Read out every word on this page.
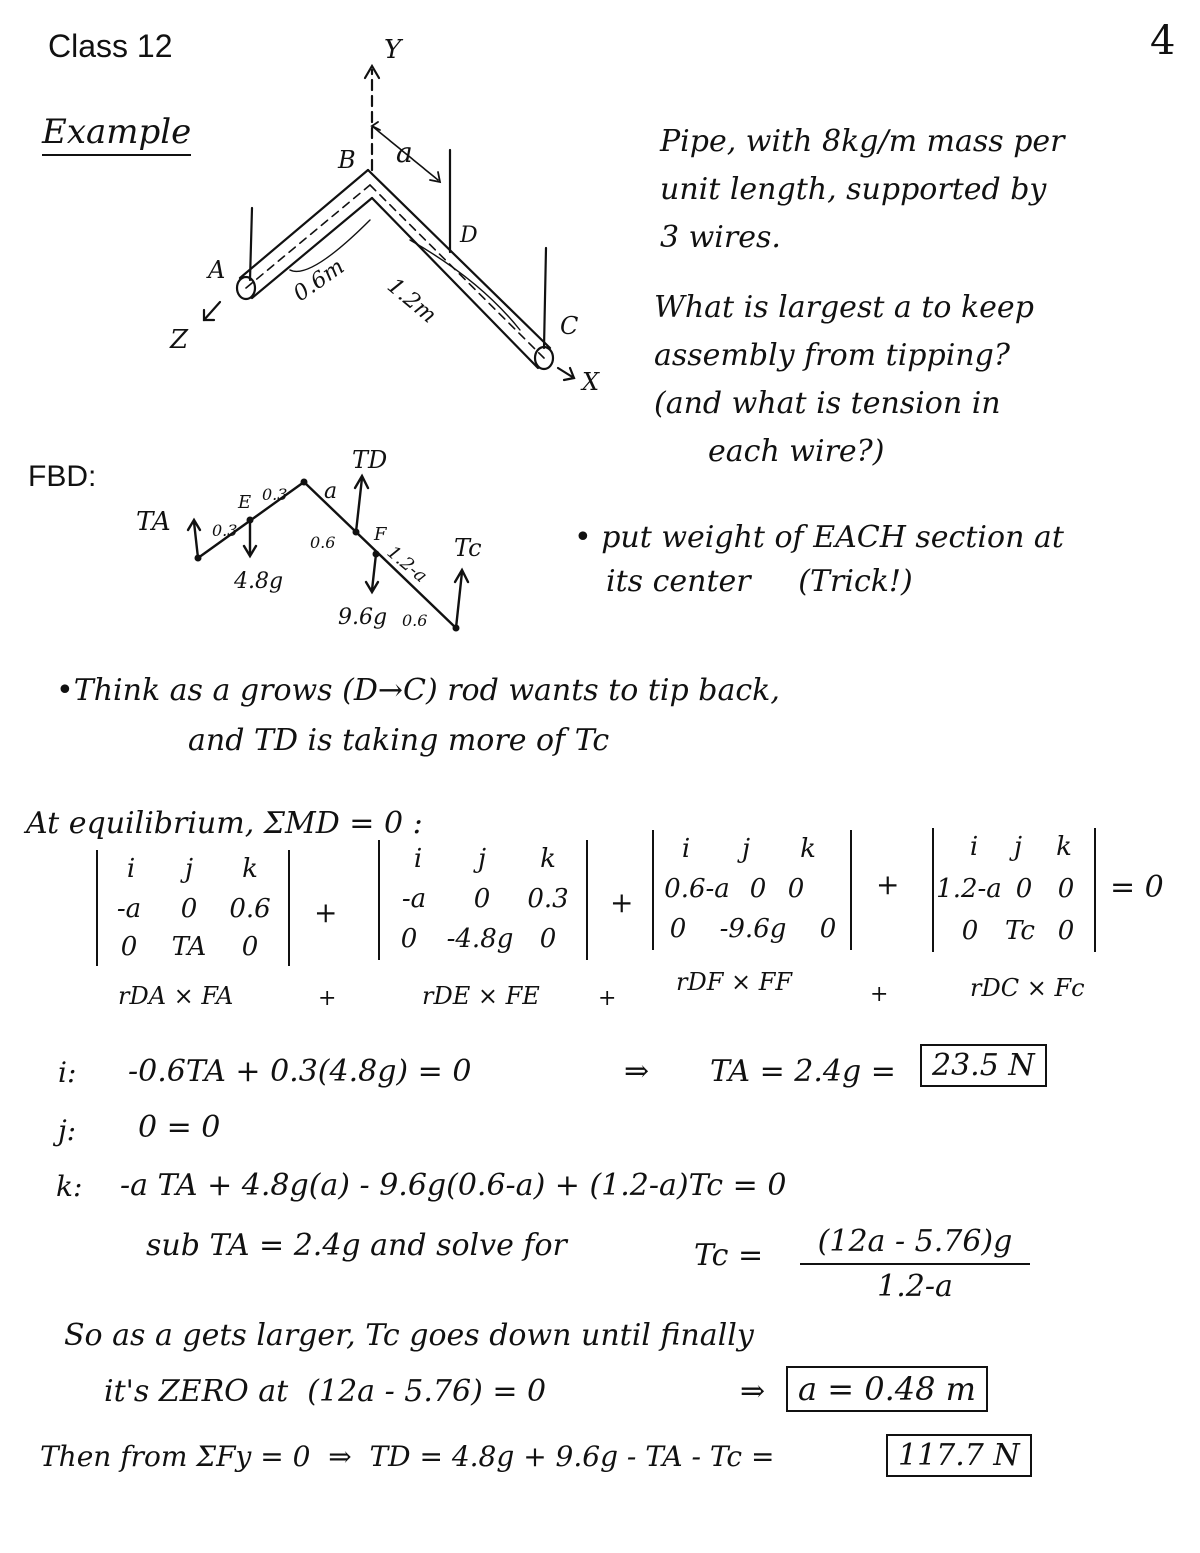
Class 12	4
Example
Y
Z
X
A
B
C
D
a
0.6m 1.2m
Pipe, with 8kg/m mass per
unit length, supported by
3 wires.
What is largest a to keep
assembly from tipping?
(and what is tension in
each wire?)
FBD:
TA
TD
Tc
E
F
0.3
0.3
0.6
a
1.2-a
0.6
4.8g
9.6g
• put weight of EACH section at
its center     (Trick!)
•Think as a grows (D→C) rod wants to tip back,
and TD is taking more of Tc
At equilibrium, ΣMD = 0 :
i	j	k
-a	0	0.6
0	TA	0
+
i	j	k
-a	0	0.3
0	-4.8g	0
+
i	j	k
0.6-a 0 0
0	-9.6g	0
+
i	j	k
1.2-a 0 0
0	Tc 0
= 0
rDA × FA	+	rDE × FE	+
rDF × FF	+	rDC × Fc
i: -0.6TA + 0.3(4.8g) = 0	⇒ TA = 2.4g =	23.5 N
j: 0 = 0
k: -a TA + 4.8g(a) - 9.6g(0.6-a) + (1.2-a)Tc = 0
sub TA = 2.4g and solve for	$Tc = \frac{(12a - 5.76)g}{1.2-a}$
So as a gets larger, Tc goes down until finally
it's ZERO at  (12a - 5.76) = 0	⇒	a = 0.48 m
Then from ΣFy = 0  ⇒  TD = 4.8g + 9.6g - TA - Tc =	117.7 N
